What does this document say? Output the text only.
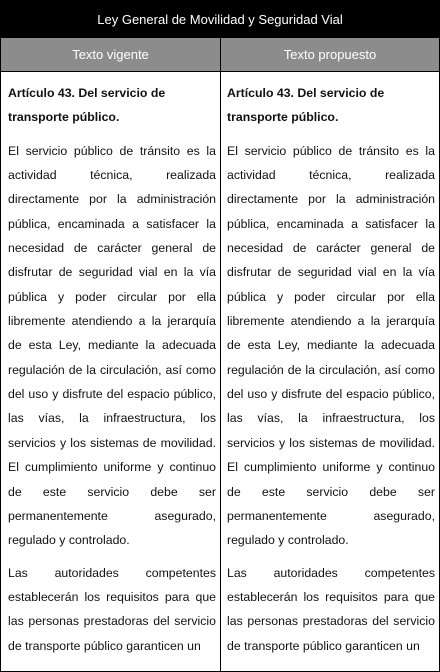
Ley General de Movilidad y Seguridad Vial
Texto vigente	Texto propuesto

Artículo 43. Del servicio de transporte público.

El servicio público de tránsito es la actividad técnica, realizada directamente por la administración pública, encaminada a satisfacer la necesidad de carácter general de disfrutar de seguridad vial en la vía pública y poder circular por ella libremente atendiendo a la jerarquía de esta Ley, mediante la adecuada regulación de la circulación, así como del uso y disfrute del espacio público, las vías, la infraestructura, los servicios y los sistemas de movilidad. El cumplimiento uniforme y continuo de este servicio debe ser permanentemente asegurado, regulado y controlado.

Las autoridades competentes establecerán los requisitos para que las personas prestadoras del servicio de transporte público garanticen un

Artículo 43. Del servicio de transporte público.

El servicio público de tránsito es la actividad técnica, realizada directamente por la administración pública, encaminada a satisfacer la necesidad de carácter general de disfrutar de seguridad vial en la vía pública y poder circular por ella libremente atendiendo a la jerarquía de esta Ley, mediante la adecuada regulación de la circulación, así como del uso y disfrute del espacio público, las vías, la infraestructura, los servicios y los sistemas de movilidad. El cumplimiento uniforme y continuo de este servicio debe ser permanentemente asegurado, regulado y controlado.

Las autoridades competentes establecerán los requisitos para que las personas prestadoras del servicio de transporte público garanticen un
